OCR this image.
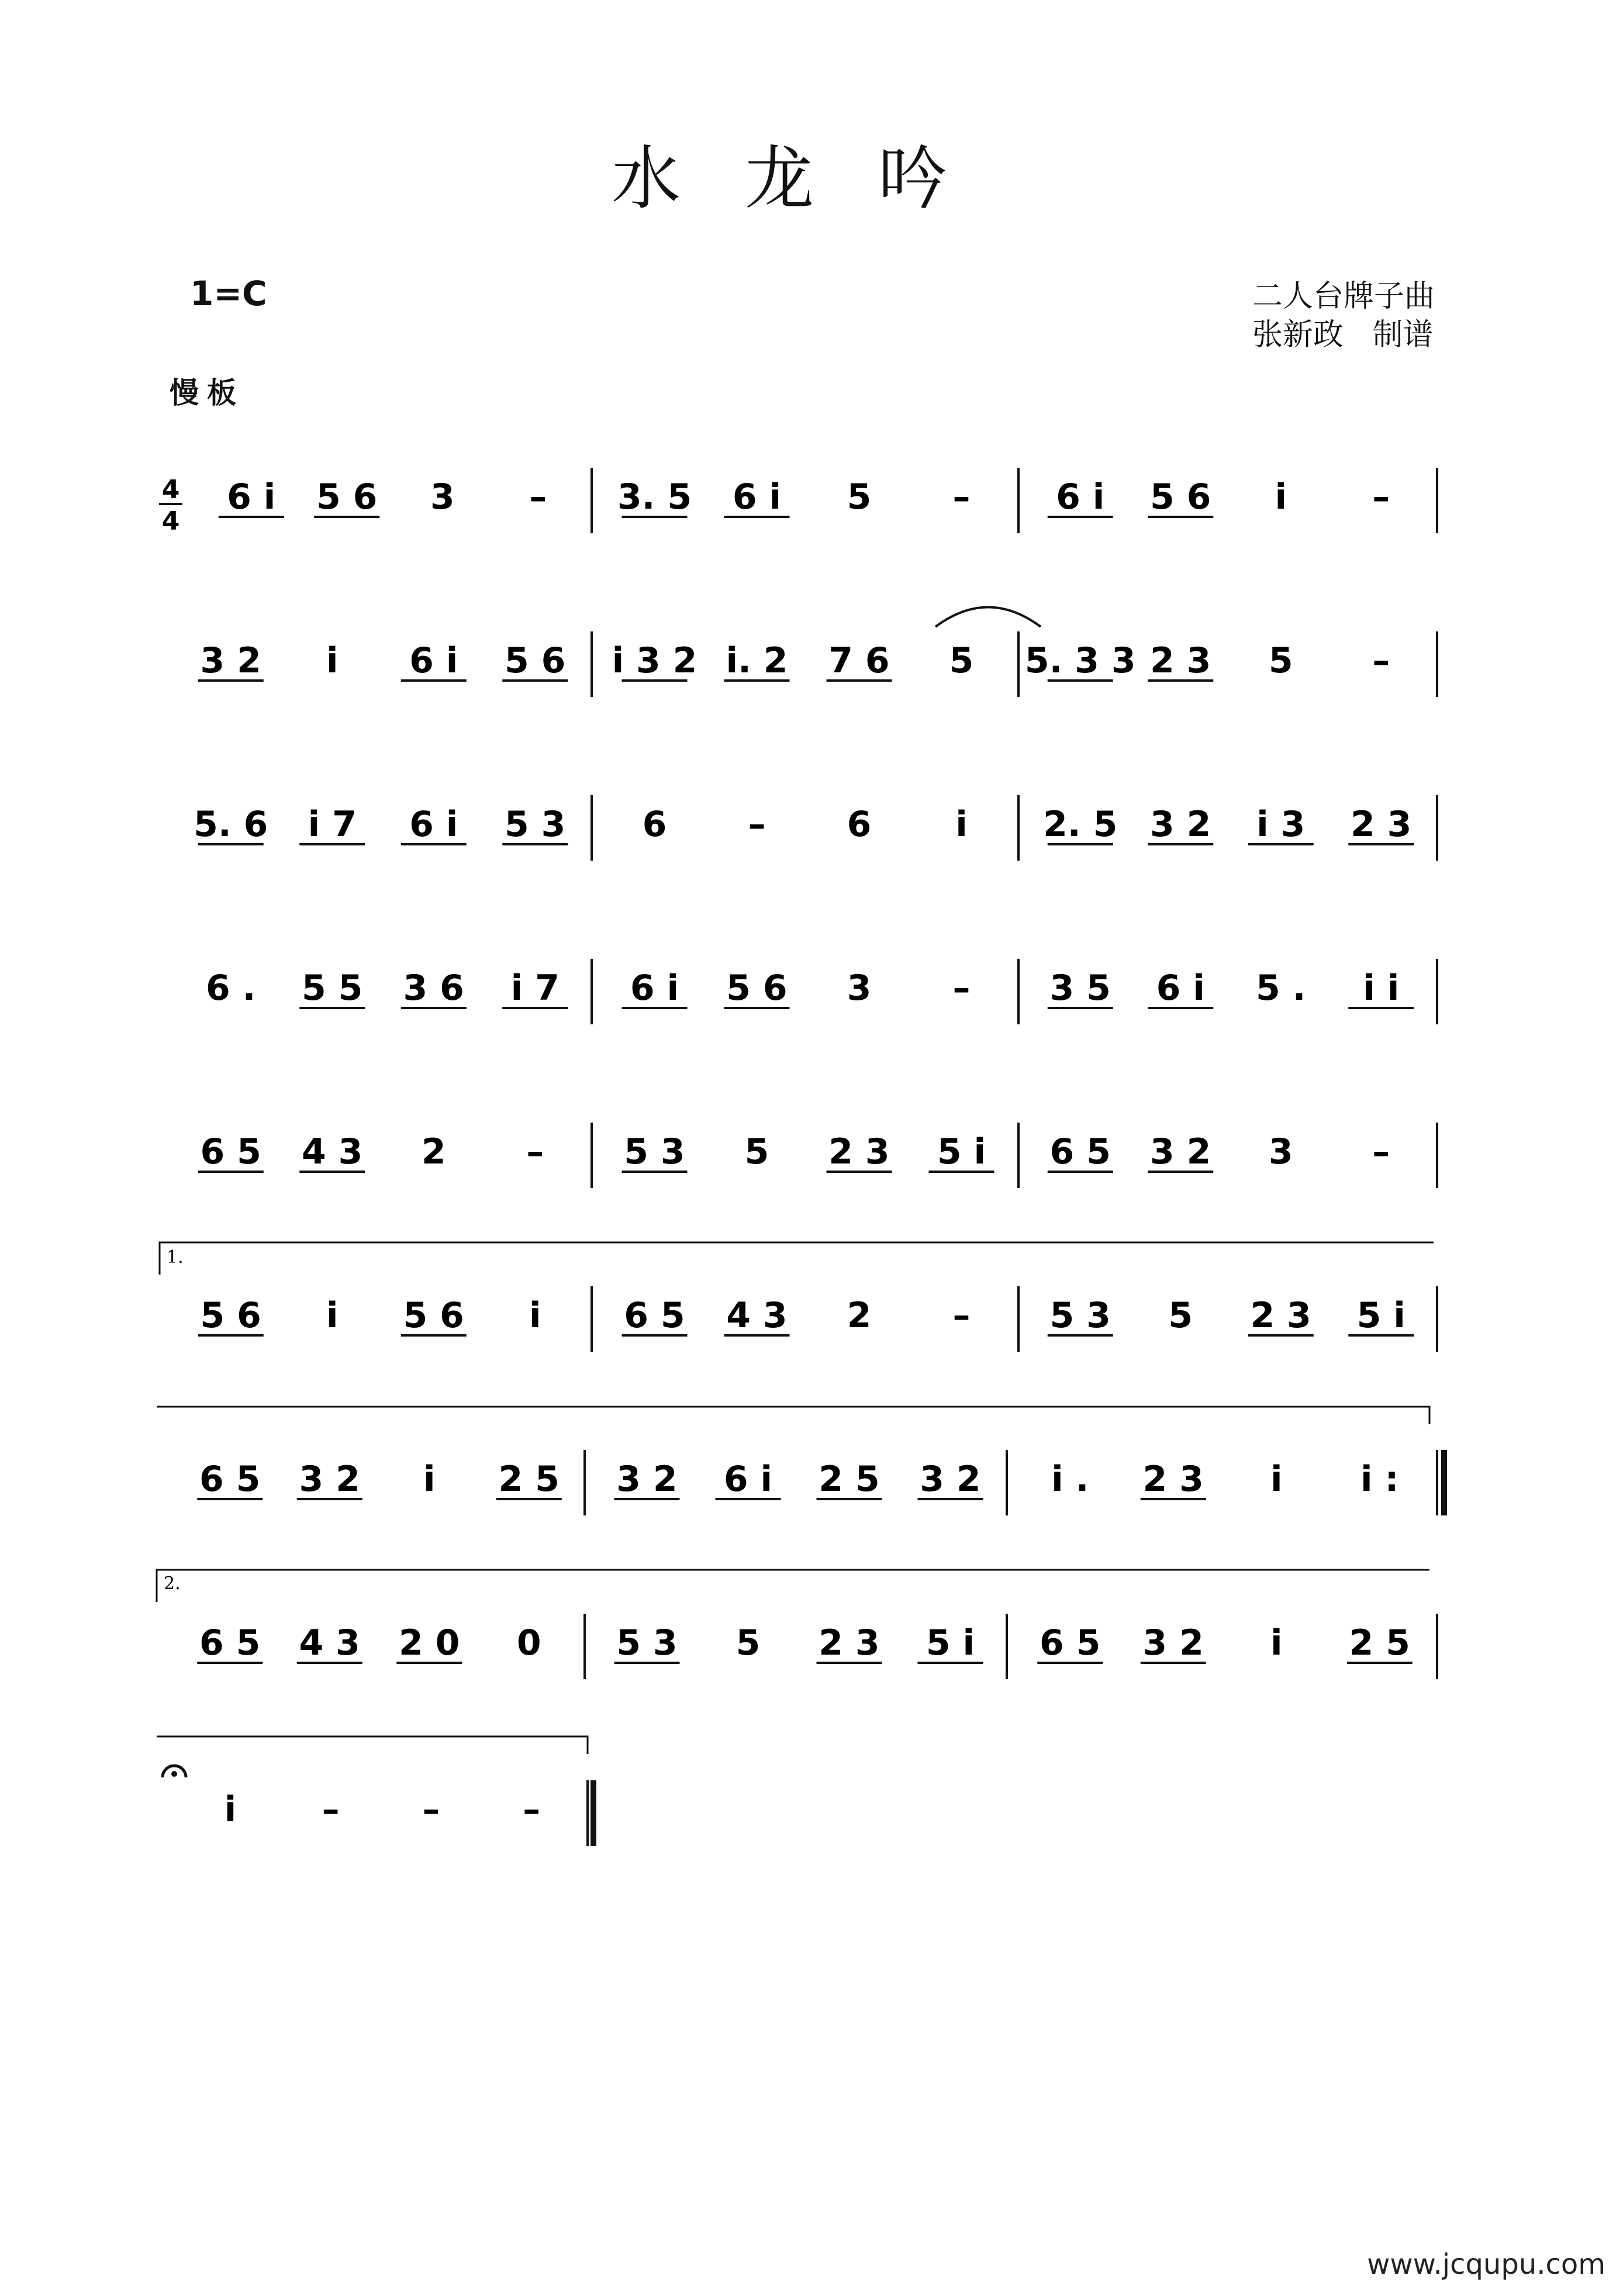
水龙吟
1=C	二人台牌子曲
张新政   制谱
慢板
4
4
6 i 5 6 3 – 3. 5 6 i 5 – 6 i 5 6 i –
3 2 i 6 i 5 6 i 3 2 i. 2 7 6 5 5. 3 3 2 3 5 –
5. 6 i 7 6 i 5 3 6 – 6 i 2. 5 3 2 i 3 2 3
6 . 5 5 3 6 i 7 6 i 5 6 3 – 3 5 6 i 5 . i i
6 5 4 3 2 – 5 3 5 2 3 5 i 6 5 3 2 3 –
5 6 i 5 6 i 6 5 4 3 2 – 5 3 5 2 3 5 i
6 5 3 2 i 2 5 3 2 6 i 2 5 3 2 i . 2 3 i i :
6 5 4 3 2 0 0 5 3 5 2 3 5 i 6 5 3 2 i 2 5
i – – –
1.
2.
www.jcqupu.com
